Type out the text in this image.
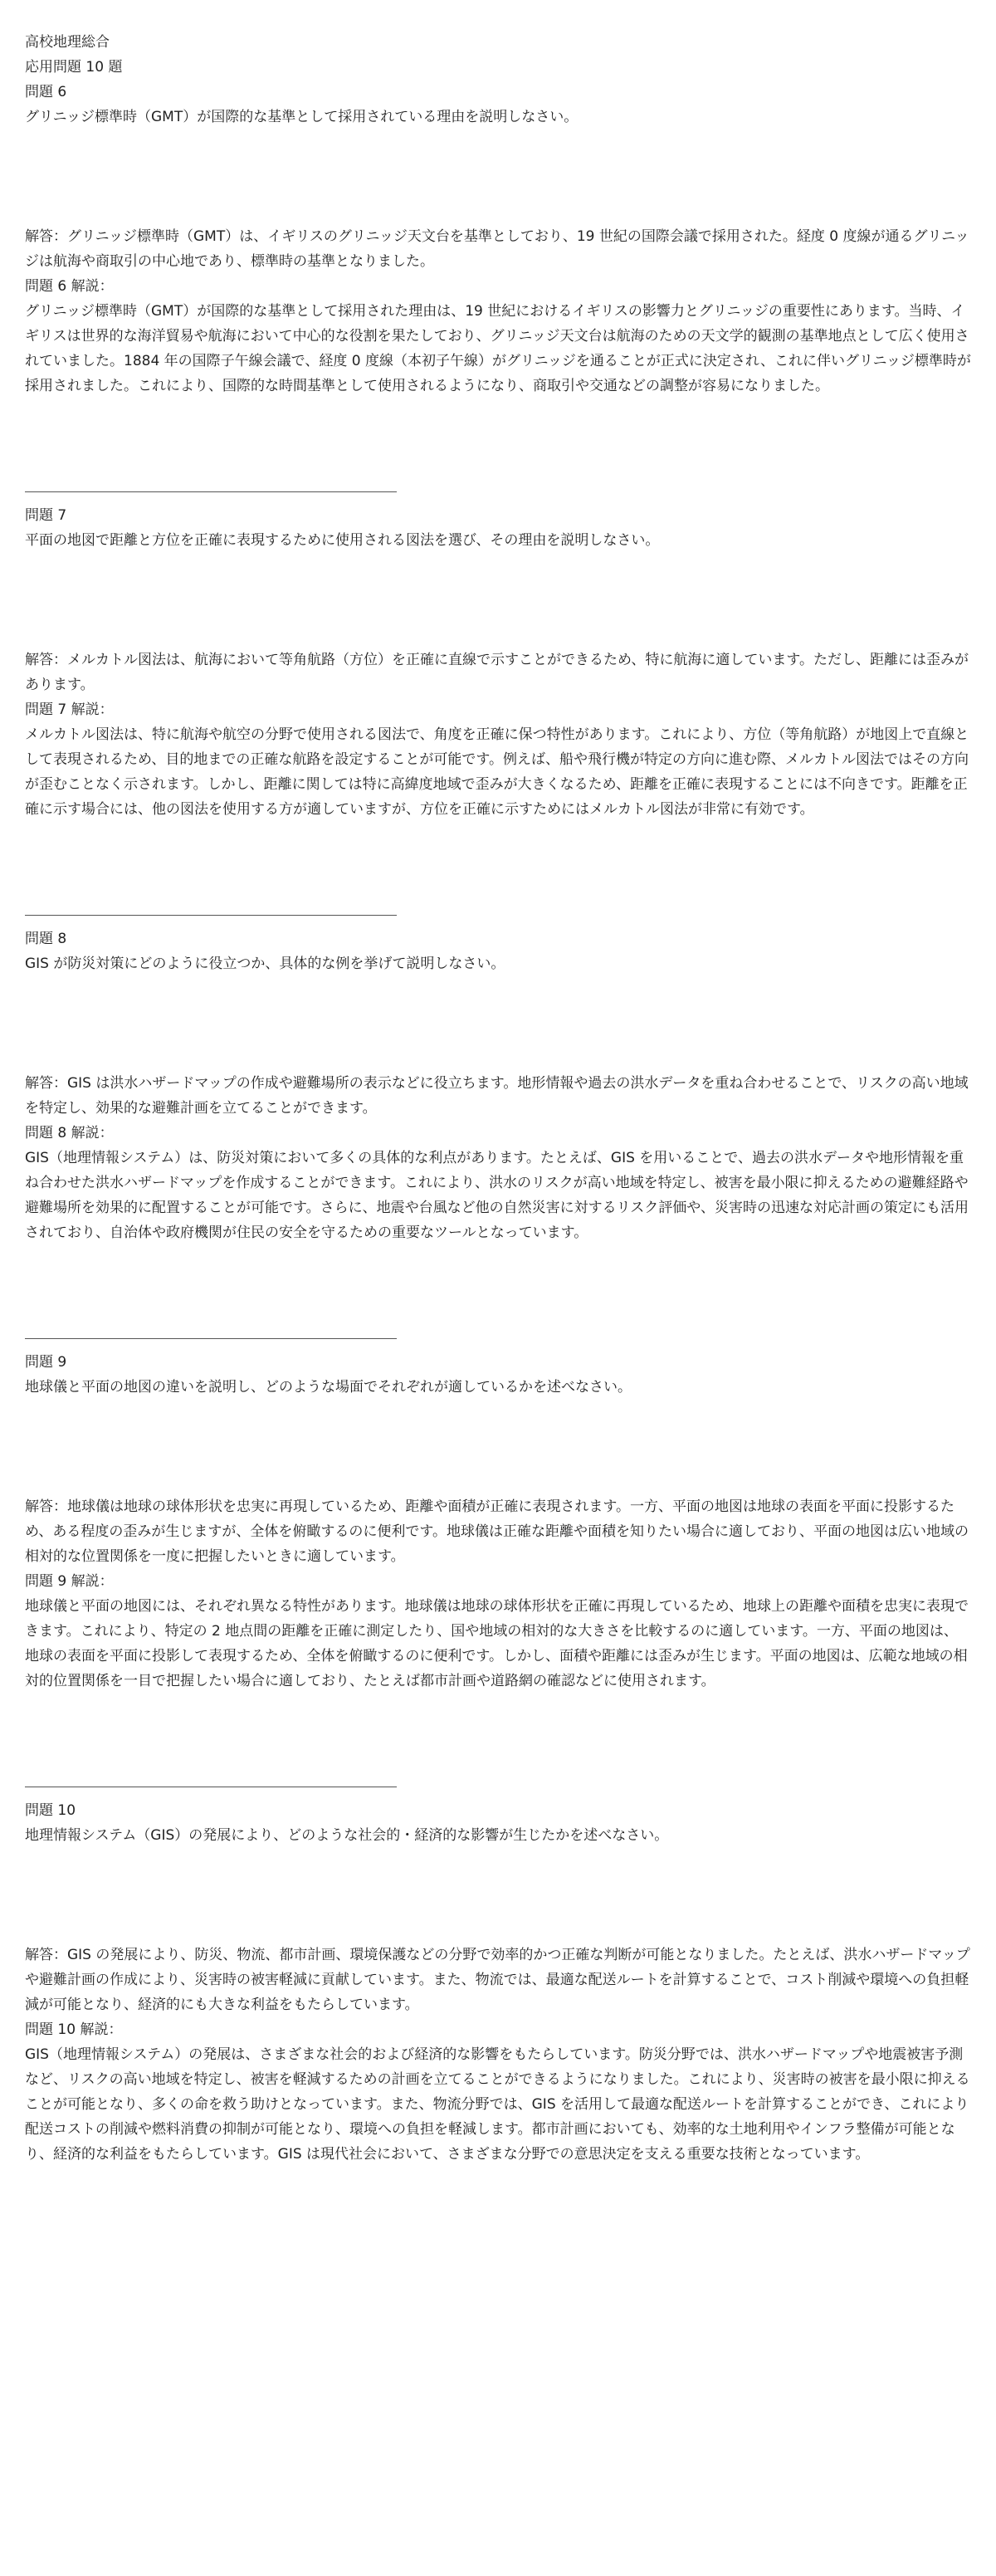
高校地理総合

応用問題 10 題

問題 6

グリニッジ標準時（GMT）が国際的な基準として採用されている理由を説明しなさい。

解答：グリニッジ標準時（GMT）は、イギリスのグリニッジ天文台を基準としており、19 世紀の国際会議で採用された。経度 0 度線が通るグリニッジは航海や商取引の中心地であり、標準時の基準となりました。

問題 6 解説：

グリニッジ標準時（GMT）が国際的な基準として採用された理由は、19 世紀におけるイギリスの影響力とグリニッジの重要性にあります。当時、イギリスは世界的な海洋貿易や航海において中心的な役割を果たしており、グリニッジ天文台は航海のための天文学的観測の基準地点として広く使用されていました。1884 年の国際子午線会議で、経度 0 度線（本初子午線）がグリニッジを通ることが正式に決定され、これに伴いグリニッジ標準時が採用されました。これにより、国際的な時間基準として使用されるようになり、商取引や交通などの調整が容易になりました。

問題 7

平面の地図で距離と方位を正確に表現するために使用される図法を選び、その理由を説明しなさい。

解答：メルカトル図法は、航海において等角航路（方位）を正確に直線で示すことができるため、特に航海に適しています。ただし、距離には歪みがあります。

問題 7 解説：

メルカトル図法は、特に航海や航空の分野で使用される図法で、角度を正確に保つ特性があります。これにより、方位（等角航路）が地図上で直線として表現されるため、目的地までの正確な航路を設定することが可能です。例えば、船や飛行機が特定の方向に進む際、メルカトル図法ではその方向が歪むことなく示されます。しかし、距離に関しては特に高緯度地域で歪みが大きくなるため、距離を正確に表現することには不向きです。距離を正確に示す場合には、他の図法を使用する方が適していますが、方位を正確に示すためにはメルカトル図法が非常に有効です。

問題 8

GIS が防災対策にどのように役立つか、具体的な例を挙げて説明しなさい。

解答：GIS は洪水ハザードマップの作成や避難場所の表示などに役立ちます。地形情報や過去の洪水データを重ね合わせることで、リスクの高い地域を特定し、効果的な避難計画を立てることができます。

問題 8 解説：

GIS（地理情報システム）は、防災対策において多くの具体的な利点があります。たとえば、GIS を用いることで、過去の洪水データや地形情報を重ね合わせた洪水ハザードマップを作成することができます。これにより、洪水のリスクが高い地域を特定し、被害を最小限に抑えるための避難経路や避難場所を効果的に配置することが可能です。さらに、地震や台風など他の自然災害に対するリスク評価や、災害時の迅速な対応計画の策定にも活用されており、自治体や政府機関が住民の安全を守るための重要なツールとなっています。

問題 9

地球儀と平面の地図の違いを説明し、どのような場面でそれぞれが適しているかを述べなさい。

解答：地球儀は地球の球体形状を忠実に再現しているため、距離や面積が正確に表現されます。一方、平面の地図は地球の表面を平面に投影するため、ある程度の歪みが生じますが、全体を俯瞰するのに便利です。地球儀は正確な距離や面積を知りたい場合に適しており、平面の地図は広い地域の相対的な位置関係を一度に把握したいときに適しています。

問題 9 解説：

地球儀と平面の地図には、それぞれ異なる特性があります。地球儀は地球の球体形状を正確に再現しているため、地球上の距離や面積を忠実に表現できます。これにより、特定の 2 地点間の距離を正確に測定したり、国や地域の相対的な大きさを比較するのに適しています。一方、平面の地図は、地球の表面を平面に投影して表現するため、全体を俯瞰するのに便利です。しかし、面積や距離には歪みが生じます。平面の地図は、広範な地域の相対的位置関係を一目で把握したい場合に適しており、たとえば都市計画や道路網の確認などに使用されます。

問題 10

地理情報システム（GIS）の発展により、どのような社会的・経済的な影響が生じたかを述べなさい。

解答：GIS の発展により、防災、物流、都市計画、環境保護などの分野で効率的かつ正確な判断が可能となりました。たとえば、洪水ハザードマップや避難計画の作成により、災害時の被害軽減に貢献しています。また、物流では、最適な配送ルートを計算することで、コスト削減や環境への負担軽減が可能となり、経済的にも大きな利益をもたらしています。

問題 10 解説：

GIS（地理情報システム）の発展は、さまざまな社会的および経済的な影響をもたらしています。防災分野では、洪水ハザードマップや地震被害予測など、リスクの高い地域を特定し、被害を軽減するための計画を立てることができるようになりました。これにより、災害時の被害を最小限に抑えることが可能となり、多くの命を救う助けとなっています。また、物流分野では、GIS を活用して最適な配送ルートを計算することができ、これにより配送コストの削減や燃料消費の抑制が可能となり、環境への負担を軽減します。都市計画においても、効率的な土地利用やインフラ整備が可能となり、経済的な利益をもたらしています。GIS は現代社会において、さまざまな分野での意思決定を支える重要な技術となっています。
